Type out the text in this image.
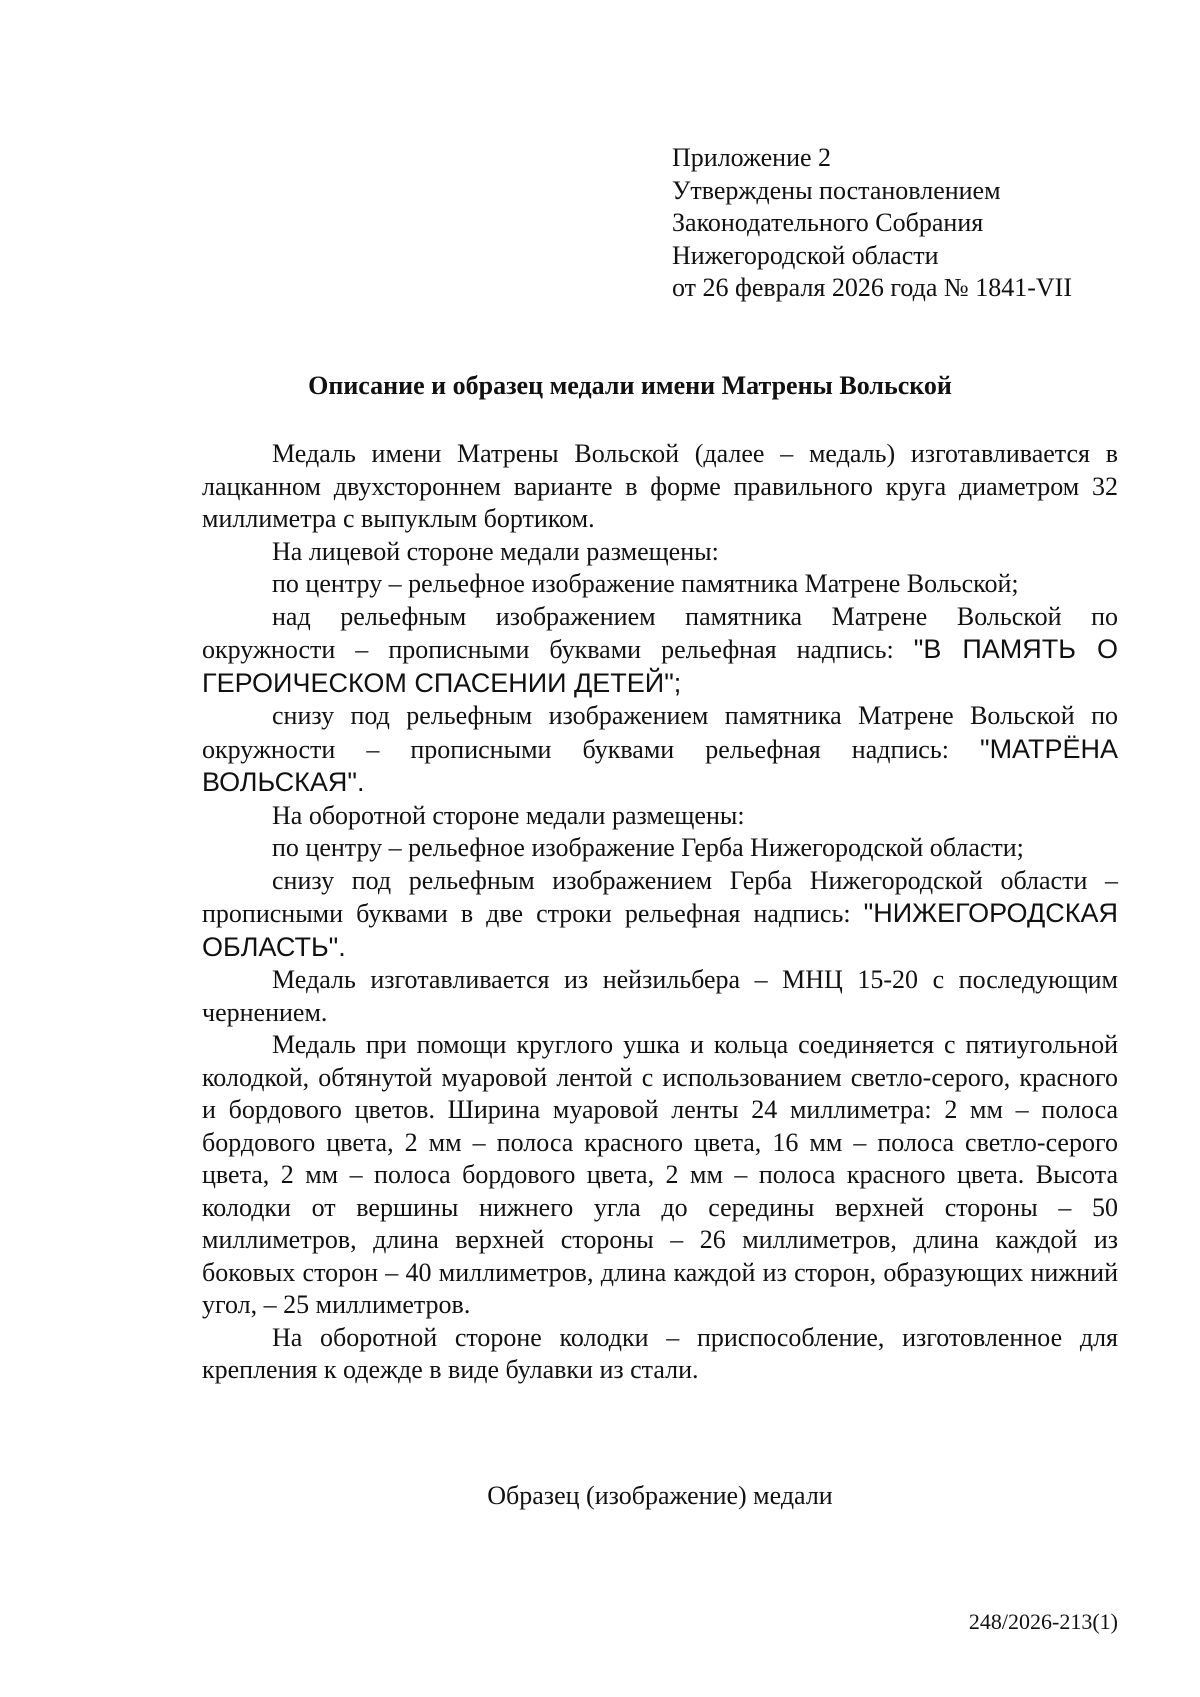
Приложение 2
Утверждены постановлением
Законодательного Собрания
Нижегородской области
от 26 февраля 2026 года № 1841-VII
Описание и образец медали имени Матрены Вольской

Медаль имени Матрены Вольской (далее – медаль) изготавливается в лацканном двухстороннем варианте в форме правильного круга диаметром 32 миллиметра с выпуклым бортиком.

На лицевой стороне медали размещены:

по центру – рельефное изображение памятника Матрене Вольской;

над рельефным изображением памятника Матрене Вольской по окружности – прописными буквами рельефная надпись: "В ПАМЯТЬ О ГЕРОИЧЕСКОМ СПАСЕНИИ ДЕТЕЙ";

снизу под рельефным изображением памятника Матрене Вольской по окружности – прописными буквами рельефная надпись: "МАТРЁНА ВОЛЬСКАЯ".

На оборотной стороне медали размещены:

по центру – рельефное изображение Герба Нижегородской области;

снизу под рельефным изображением Герба Нижегородской области – прописными буквами в две строки рельефная надпись: "НИЖЕГОРОДСКАЯ ОБЛАСТЬ".

Медаль изготавливается из нейзильбера – МНЦ 15-20 с последующим чернением.

Медаль при помощи круглого ушка и кольца соединяется с пятиугольной колодкой, обтянутой муаровой лентой с использованием светло-серого, красного и бордового цветов. Ширина муаровой ленты 24 миллиметра: 2 мм – полоса бордового цвета, 2 мм – полоса красного цвета, 16 мм – полоса светло-серого цвета, 2 мм – полоса бордового цвета, 2 мм – полоса красного цвета. Высота колодки от вершины нижнего угла до середины верхней стороны – 50 миллиметров, длина верхней стороны – 26 миллиметров, длина каждой из боковых сторон – 40 миллиметров, длина каждой из сторон, образующих нижний угол, – 25 миллиметров.

На оборотной стороне колодки – приспособление, изготовленное для крепления к одежде в виде булавки из стали.

Образец (изображение) медали
248/2026-213(1)
